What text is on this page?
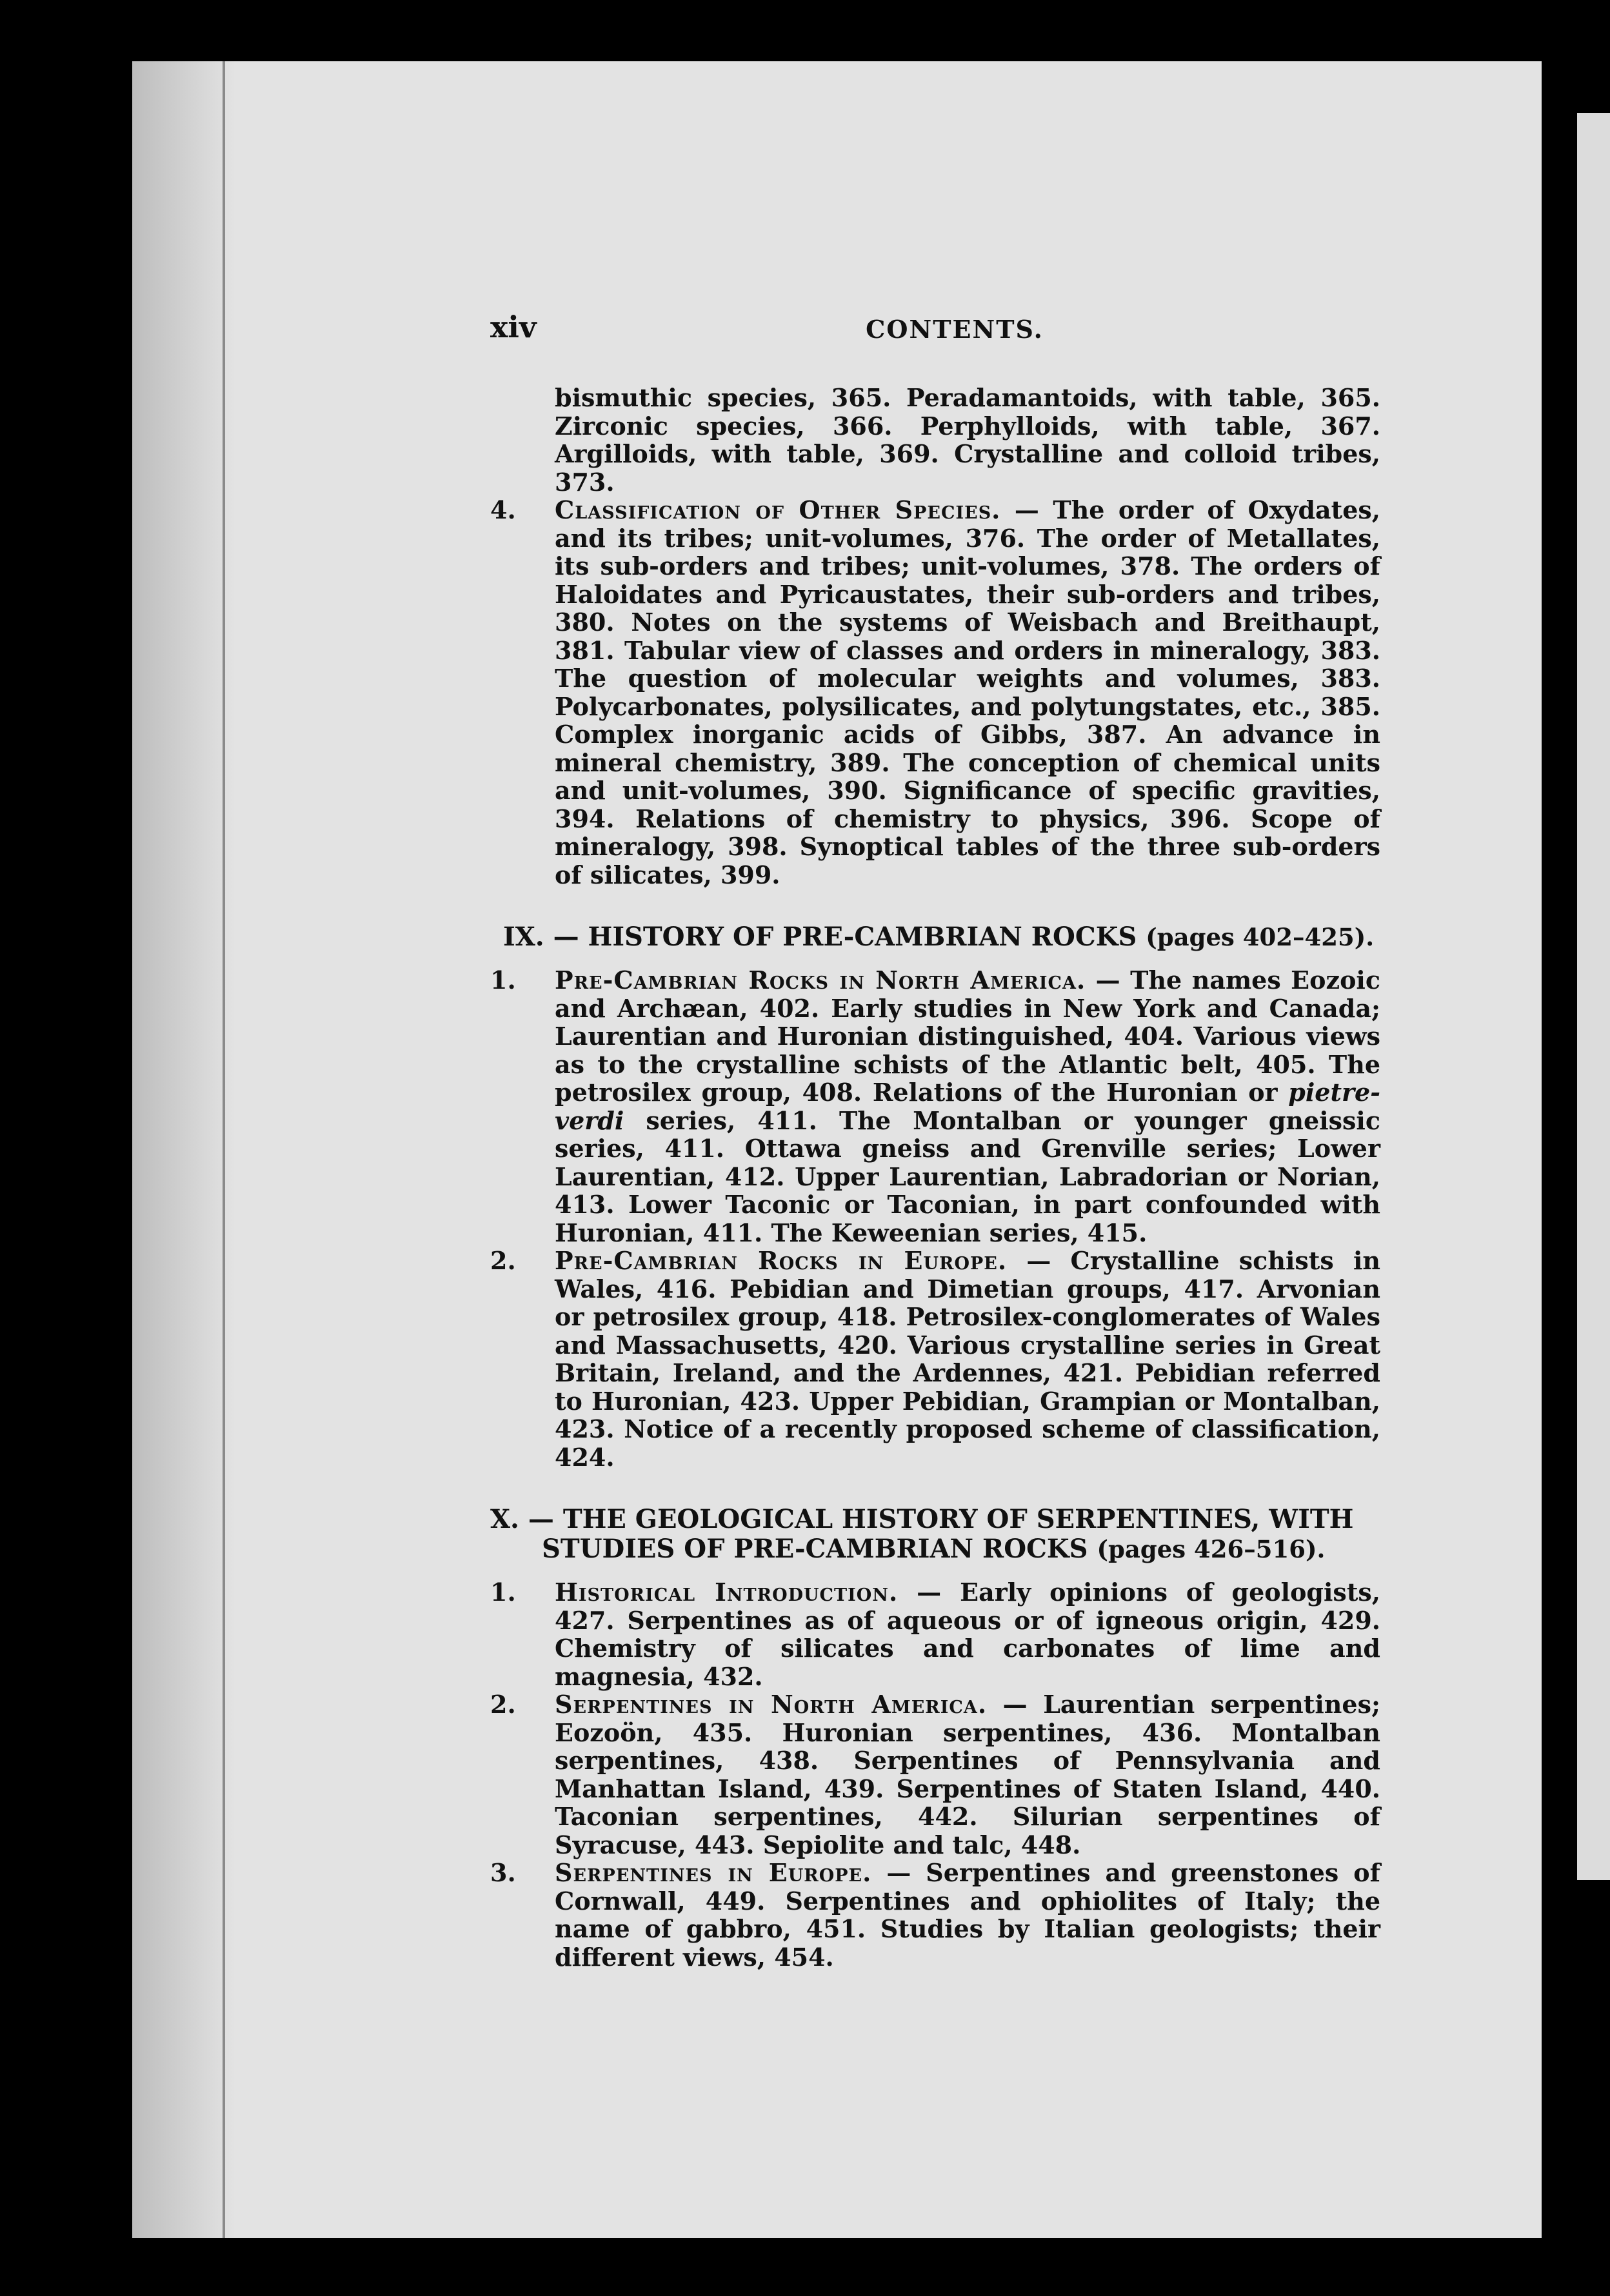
xiv	CONTENTS.

bismuthic species, 365. Peradamantoids, with table, 365. Zirconic species, 366. Perphylloids, with table, 367. Argilloids, with table, 369. Crystalline and colloid tribes, 373.

4. Classification of Other Species. — The order of Oxydates, and its tribes; unit-volumes, 376. The order of Metallates, its sub-orders and tribes; unit-volumes, 378. The orders of Haloidates and Pyricaustates, their sub-orders and tribes, 380. Notes on the systems of Weisbach and Breithaupt, 381. Tabular view of classes and orders in mineralogy, 383. The question of molecular weights and volumes, 383. Polycarbonates, polysilicates, and polytungstates, etc., 385. Complex inorganic acids of Gibbs, 387. An advance in mineral chemistry, 389. The conception of chemical units and unit-volumes, 390. Significance of specific gravities, 394. Relations of chemistry to physics, 396. Scope of mineralogy, 398. Synoptical tables of the three sub-orders of silicates, 399.
IX. — HISTORY OF PRE-CAMBRIAN ROCKS (pages 402–425).
1. Pre-Cambrian Rocks in North America. — The names Eozoic and Archæan, 402. Early studies in New York and Canada; Laurentian and Huronian distinguished, 404. Various views as to the crystalline schists of the Atlantic belt, 405. The petrosilex group, 408. Relations of the Huronian or pietre-verdi series, 411. The Montalban or younger gneissic series, 411. Ottawa gneiss and Grenville series; Lower Laurentian, 412. Upper Laurentian, Labradorian or Norian, 413. Lower Taconic or Taconian, in part confounded with Huronian, 411. The Keweenian series, 415.
2. Pre-Cambrian Rocks in Europe. — Crystalline schists in Wales, 416. Pebidian and Dimetian groups, 417. Arvonian or petrosilex group, 418. Petrosilex-conglomerates of Wales and Massachusetts, 420. Various crystalline series in Great Britain, Ireland, and the Ardennes, 421. Pebidian referred to Huronian, 423. Upper Pebidian, Grampian or Montalban, 423. Notice of a recently proposed scheme of classification, 424.
X. — THE GEOLOGICAL HISTORY OF SERPENTINES, WITH STUDIES OF PRE-CAMBRIAN ROCKS (pages 426–516).
1. Historical Introduction. — Early opinions of geologists, 427. Serpentines as of aqueous or of igneous origin, 429. Chemistry of silicates and carbonates of lime and magnesia, 432.
2. Serpentines in North America. — Laurentian serpentines; Eozoön, 435. Huronian serpentines, 436. Montalban serpentines, 438. Serpentines of Pennsylvania and Manhattan Island, 439. Serpentines of Staten Island, 440. Taconian serpentines, 442. Silurian serpentines of Syracuse, 443. Sepiolite and talc, 448.
3. Serpentines in Europe. — Serpentines and greenstones of Cornwall, 449. Serpentines and ophiolites of Italy; the name of gabbro, 451. Studies by Italian geologists; their different views, 454.
